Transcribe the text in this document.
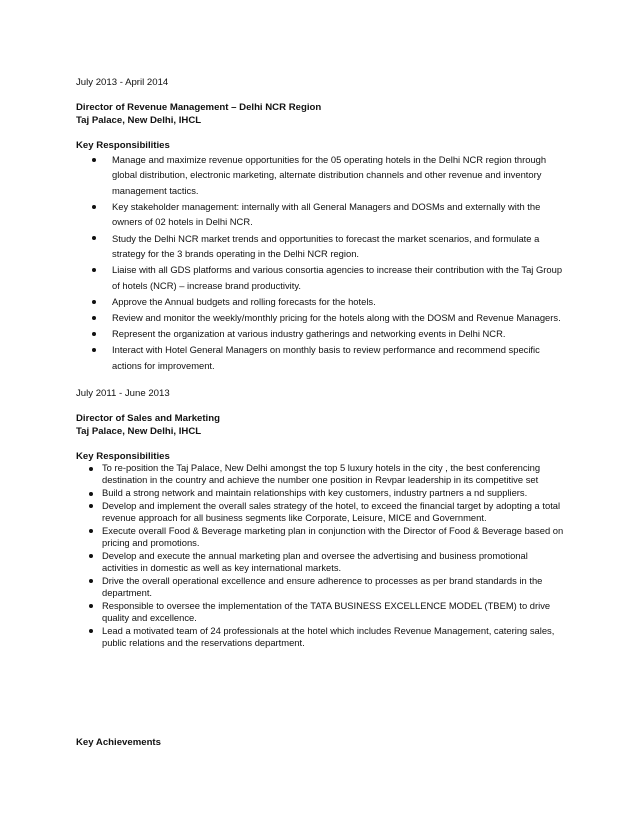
July 2013 - April 2014
Director of Revenue Management – Delhi NCR Region
Taj Palace, New Delhi, IHCL
Key Responsibilities
Manage and maximize revenue opportunities for the 05 operating hotels in the Delhi NCR region through global distribution, electronic marketing, alternate distribution channels and other revenue and inventory management tactics.
Key stakeholder management: internally with all General Managers and DOSMs and externally with the owners of 02 hotels in Delhi NCR.
Study the Delhi NCR market trends and opportunities to forecast the market scenarios, and formulate a strategy for the 3 brands operating in the Delhi NCR region.
Liaise with all GDS platforms and various consortia agencies to increase their contribution with the Taj Group of hotels (NCR) – increase brand productivity.
Approve the Annual budgets and rolling forecasts for the hotels.
Review and monitor the weekly/monthly pricing for the hotels along with the DOSM and Revenue Managers.
Represent the organization at various industry gatherings and networking events in Delhi NCR.
Interact with Hotel General Managers on monthly basis to review performance and recommend specific actions for improvement.
July 2011 - June 2013
Director of Sales and Marketing
Taj Palace, New Delhi, IHCL
Key Responsibilities
To re-position the Taj Palace, New Delhi amongst the top 5 luxury hotels in the city , the best conferencing destination in the country and achieve the number one position in Revpar leadership in its competitive set
Build a strong network and maintain relationships with key customers, industry partners a nd suppliers.
Develop and implement the overall sales strategy of the hotel, to exceed the financial target by adopting a total revenue approach for all business segments like Corporate, Leisure, MICE and Government.
Execute overall Food & Beverage marketing plan in conjunction with the Director of Food & Beverage based on pricing and promotions.
Develop and execute the annual marketing plan and oversee the advertising and business promotional activities in domestic as well as key international markets.
Drive the overall operational excellence and ensure adherence to processes as per brand standards in the department.
Responsible to oversee the implementation of the TATA BUSINESS EXCELLENCE MODEL (TBEM) to drive quality and excellence.
Lead a motivated team of 24 professionals at the hotel which includes Revenue Management, catering sales, public relations and the reservations department.
Key Achievements
